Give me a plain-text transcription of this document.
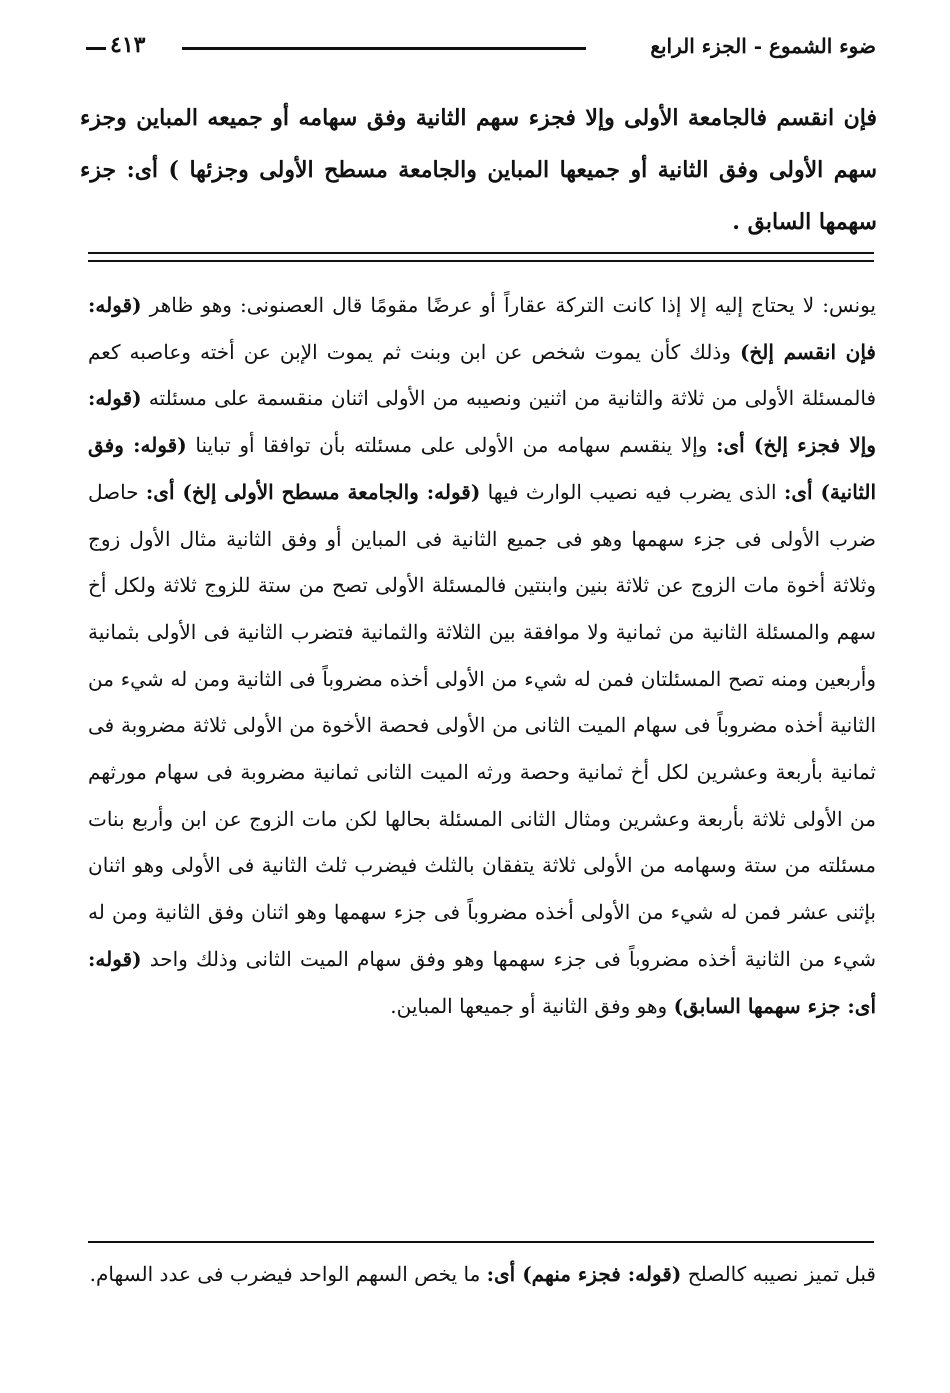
٤١٣	ضوء الشموع - الجزء الرابع

فإن انقسم فالجامعة الأولى وإلا فجزء سهم الثانية وفق سهامه أو جميعه المباين وجزء سهم الأولى وفق الثانية أو جميعها المباين والجامعة مسطح الأولى وجزئها ) أى: جزء سهمها السابق .

يونس: لا يحتاج إليه إلا إذا كانت التركة عقاراً أو عرضًا مقومًا قال العصنونى: وهو ظاهر (قوله: فإن انقسم إلخ) وذلك كأن يموت شخص عن ابن وبنت ثم يموت الإبن عن أخته وعاصبه كعم فالمسئلة الأولى من ثلاثة والثانية من اثنين ونصيبه من الأولى اثنان منقسمة على مسئلته (قوله: وإلا فجزء إلخ) أى: وإلا ينقسم سهامه من الأولى على مسئلته بأن توافقا أو تباينا (قوله: وفق الثانية) أى: الذى يضرب فيه نصيب الوارث فيها (قوله: والجامعة مسطح الأولى إلخ) أى: حاصل ضرب الأولى فى جزء سهمها وهو فى جميع الثانية فى المباين أو وفق الثانية مثال الأول زوج وثلاثة أخوة مات الزوج عن ثلاثة بنين وابنتين فالمسئلة الأولى تصح من ستة للزوج ثلاثة ولكل أخ سهم والمسئلة الثانية من ثمانية ولا موافقة بين الثلاثة والثمانية فتضرب الثانية فى الأولى بثمانية وأربعين ومنه تصح المسئلتان فمن له شيء من الأولى أخذه مضروباً فى الثانية ومن له شيء من الثانية أخذه مضروباً فى سهام الميت الثانى من الأولى فحصة الأخوة من الأولى ثلاثة مضروبة فى ثمانية بأربعة وعشرين لكل أخ ثمانية وحصة ورثه الميت الثانى ثمانية مضروبة فى سهام مورثهم من الأولى ثلاثة بأربعة وعشرين ومثال الثانى المسئلة بحالها لكن مات الزوج عن ابن وأربع بنات مسئلته من ستة وسهامه من الأولى ثلاثة يتفقان بالثلث فيضرب ثلث الثانية فى الأولى وهو اثنان بإثنى عشر فمن له شيء من الأولى أخذه مضروباً فى جزء سهمها وهو اثنان وفق الثانية ومن له شيء من الثانية أخذه مضروباً فى جزء سهمها وهو وفق سهام الميت الثانى وذلك واحد (قوله: أى: جزء سهمها السابق) وهو وفق الثانية أو جميعها المباين.

قبل تميز نصيبه كالصلح (قوله: فجزء منهم) أى: ما يخص السهم الواحد فيضرب فى عدد السهام.
